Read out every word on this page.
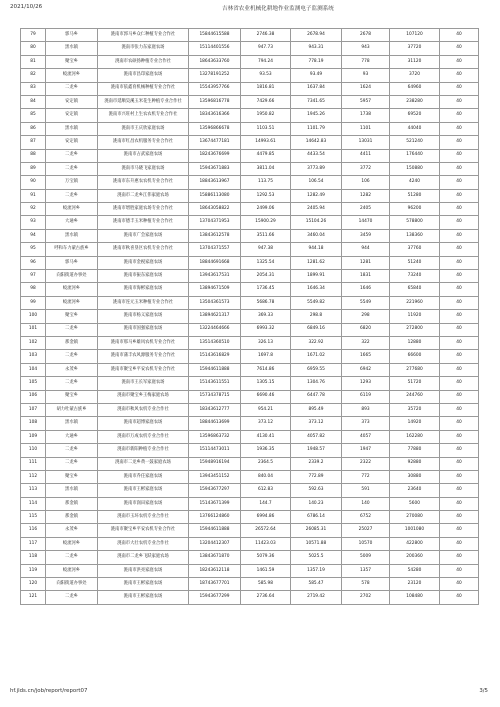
2021/10/26	吉林省农业机械化耕地作业监测电子监测系统
79	郭马乡	洮南市郭马乡众仁种植专业合作社	15844615588	2746.38	2678.94	2678	107120	40
80	黑水镇	洮南市张力东家庭农场	15114401556	947.73	943.31	943	37720	40
81	聚宝乡	洮南市农硕扬种植专业合作社	18643633760	794.24	778.19	778	31120	40
82	蛟流河乡	洮南市昌印家庭农场	13278191252	93.53	93.49	93	3720	40
83	二龙乡	洮南市依鑫育机械种植专业合作社	15543957766	1816.81	1637.84	1624	64960	40
84	安定镇	洮南市延顺昊溪玉米花生种植专业合作社	13596816778	7429.66	7341.65	5957	238280	40
85	安定镇	洮南市兴旺村上生农农机专业合作社	18343616366	1950.82	1945.26	1738	69520	40
86	黑水镇	洮南市王庆欣家庭农场	13596866678	1103.51	1101.79	1101	44040	40
87	安定镇	洮南市红昌农机服务专业合作社	13674477181	14993.61	14642.83	13031	521240	40
88	二龙乡	洮南市占武家庭农场	18243676699	4479.85	4433.54	4411	176440	40
89	二龙乡	洮南市马晓飞家庭农场	15943671883	3811.04	3773.89	3772	150880	40
90	万宝镇	洮南市东升惠农农机专业合作社	18843613967	113.75	106.54	106	4240	40
91	二龙乡	洮南市二龙乡江伟家庭农场	15886113080	1292.53	1282.49	1282	51280	40
92	蛟流河乡	洮南市增胜家庭农场专业合作社	18643058822	2499.06	2405.94	2405	96200	40
93	大通乡	洮南市德丰玉米种植专业合作社	13704371953	15900.29	15104.26	14470	578800	40
94	黑水镇	洮南市广会家庭农场	13843612578	3511.66	3460.04	3459	138360	40
95	呼和车力蒙古族乡	洮南市秋喜垦区农机专业合作社	13704371557	947.38	944.18	944	37760	40
96	郭马乡	洮南市金税家庭农场	18844691668	1325.54	1281.62	1281	51240	40
97	向阳街道办事处	洮南市振东家庭农场	13943617531	2054.31	1899.91	1831	73240	40
98	蛟流河乡	洮南市海彬家庭农场	13894671509	1736.45	1646.34	1646	65840	40
99	蛟流河乡	洮南市连元玉米种植专业合作社	13504361573	5686.78	5549.82	5549	221960	40
100	聚宝乡	洮南市杨义家庭农场	13894621317	369.33	298.8	298	11920	40
101	二龙乡	洮南市国强家庭农场	13224464666	6993.32	6849.16	6820	272800	40
102	那金镇	洮南市那马乡雄风农机专业合作社	13514360510	326.13	322.92	322	12880	40
103	二龙乡	洮南市蒲丰农风源服务专业合作社	15143616829	1697.8	1671.02	1665	66600	40
104	永茂乡	洮南市聚宝乡平安农机专业合作社	15944611888	7614.86	6959.55	6942	277680	40
105	二龙乡	洮南市王长军家庭农场	15143611551	1305.15	1304.76	1293	51720	40
106	聚宝乡	洮南市聚宝乡王梅家庭农场	15734378715	6690.46	6447.78	6119	244760	40
107	胡力吐蒙古族乡	洮南市秋风农机专业合作社	18343612777	954.21	895.49	893	35720	40
108	黑水镇	洮南市超博家庭农场	18844613699	373.12	373.12	373	14920	40
109	大通乡	洮南市万成农机专业合作社	13596863732	4130.41	4057.82	4057	162280	40
110	二龙乡	洮南市新阳种植专业合作社	15114473011	1936.35	1948.57	1947	77880	40
111	二龙乡	洮南市二龙乡黄一鼓家庭农场	15948916194	2364.5	2339.2	2322	92880	40
112	聚宝乡	洮南市乔任家庭农场	13943451152	840.04	772.89	772	30880	40
113	黑水镇	洮南市王彬家庭农场	15943677297	612.83	592.63	591	23640	40
114	那金镇	洮南市润田家庭农场	15143671399	144.7	140.23	140	5600	40
115	那金镇	洮南市玉环农机专业合作社	13766124860	6994.86	6786.14	6752	270080	40
116	永茂乡	洮南市聚宝乡平安农机专业合作社	15944611888	26572.64	26085.31	25027	1001080	40
117	蛟流河乡	洮南市大壮农机专业合作社	13204412307	11423.03	10571.88	10570	422800	40
118	二龙乡	洮南市二龙乡飞跃家庭农场	13843671870	5079.36	5025.5	5009	200360	40
119	蛟流河乡	洮南市洪亮家庭农场	18243612118	1461.59	1357.19	1357	54280	40
120	向阳街道办事处	洮南市王彬家庭农场	18743677701	585.98	585.47	578	23120	40
121	二龙乡	洮南市王彬家庭农场	15943677299	2736.64	2719.42	2702	108480	40
hf.jlds.cn/job/report/report07	3/5
